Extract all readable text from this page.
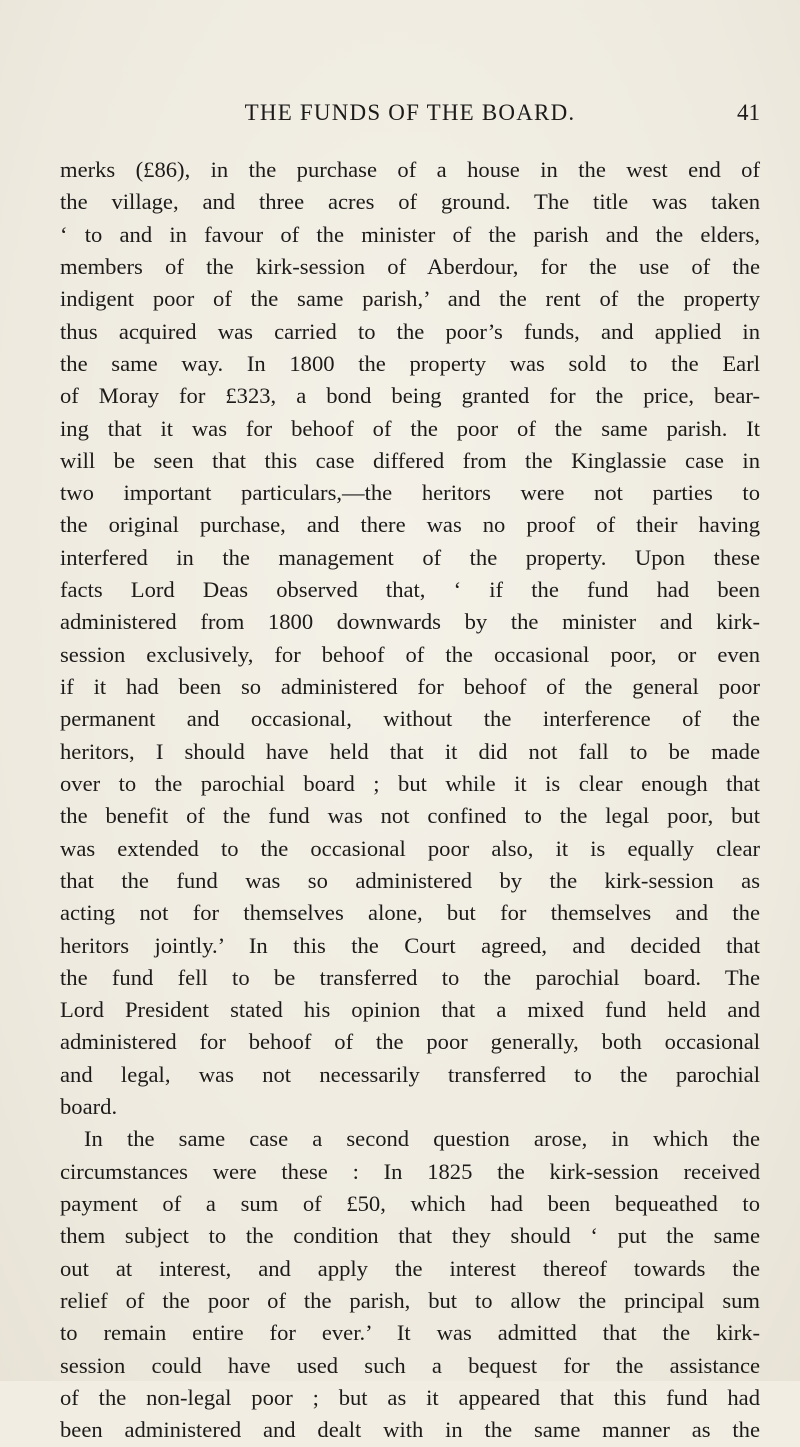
THE FUNDS OF THE BOARD.	41
merks (£86), in the purchase of a house in the west end of
the village, and three acres of ground. The title was taken
‘ to and in favour of the minister of the parish and the elders,
members of the kirk-session of Aberdour, for the use of the
indigent poor of the same parish,’ and the rent of the property
thus acquired was carried to the poor’s funds, and applied in
the same way. In 1800 the property was sold to the Earl
of Moray for £323, a bond being granted for the price, bear-
ing that it was for behoof of the poor of the same parish. It
will be seen that this case differed from the Kinglassie case in
two important particulars,—the heritors were not parties to
the original purchase, and there was no proof of their having
interfered in the management of the property. Upon these
facts Lord Deas observed that, ‘ if the fund had been
administered from 1800 downwards by the minister and kirk-
session exclusively, for behoof of the occasional poor, or even
if it had been so administered for behoof of the general poor
permanent and occasional, without the interference of the
heritors, I should have held that it did not fall to be made
over to the parochial board ; but while it is clear enough that
the benefit of the fund was not confined to the legal poor, but
was extended to the occasional poor also, it is equally clear
that the fund was so administered by the kirk-session as
acting not for themselves alone, but for themselves and the
heritors jointly.’ In this the Court agreed, and decided that
the fund fell to be transferred to the parochial board. The
Lord President stated his opinion that a mixed fund held and
administered for behoof of the poor generally, both occasional
and legal, was not necessarily transferred to the parochial
board.
In the same case a second question arose, in which the
circumstances were these : In 1825 the kirk-session received
payment of a sum of £50, which had been bequeathed to
them subject to the condition that they should ‘ put the same
out at interest, and apply the interest thereof towards the
relief of the poor of the parish, but to allow the principal sum
to remain entire for ever.’ It was admitted that the kirk-
session could have used such a bequest for the assistance
of the non-legal poor ; but as it appeared that this fund had
been administered and dealt with in the same manner as the
